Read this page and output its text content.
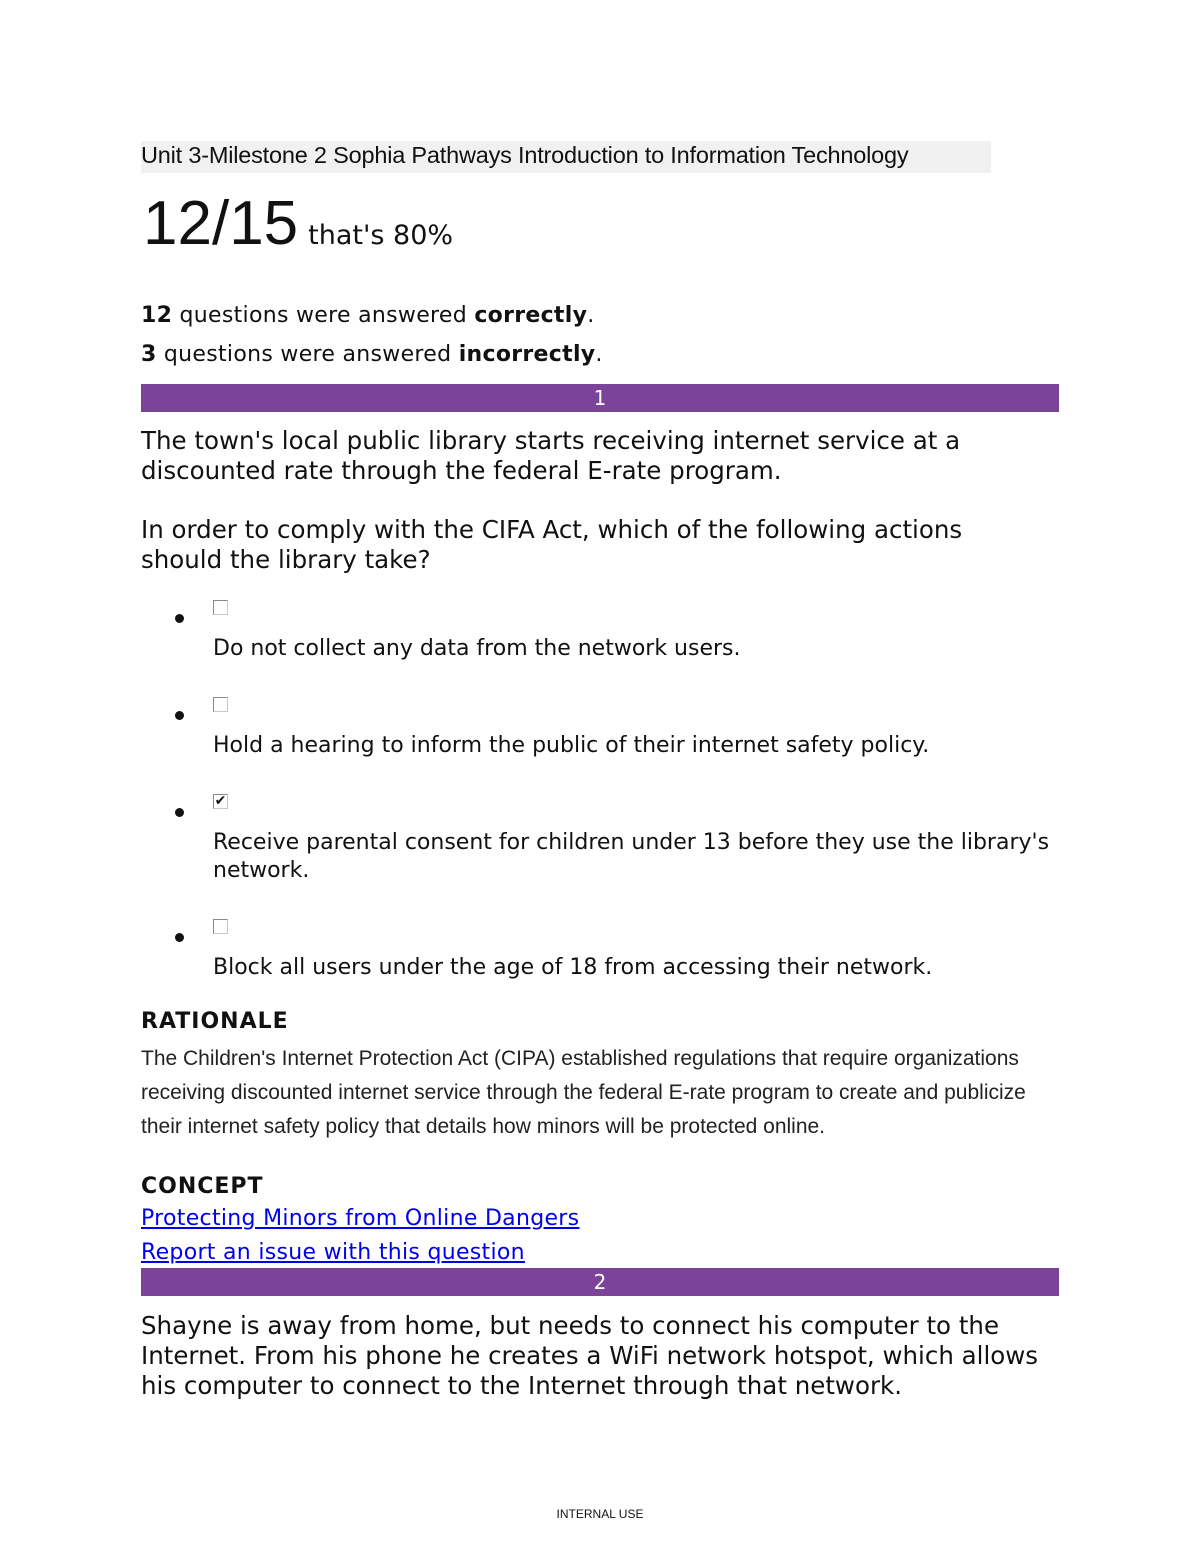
Unit 3-Milestone 2 Sophia Pathways Introduction to Information Technology
12/15 that's 80%
12 questions were answered correctly.
3 questions were answered incorrectly.
1
The town's local public library starts receiving internet service at a discounted rate through the federal E-rate program.
In order to comply with the CIFA Act, which of the following actions should the library take?
Do not collect any data from the network users.
Hold a hearing to inform the public of their internet safety policy.
✔
Receive parental consent for children under 13 before they use the library's network.
Block all users under the age of 18 from accessing their network.
RATIONALE
The Children's Internet Protection Act (CIPA) established regulations that require organizations receiving discounted internet service through the federal E-rate program to create and publicize their internet safety policy that details how minors will be protected online.
CONCEPT
Protecting Minors from Online Dangers
Report an issue with this question
2
Shayne is away from home, but needs to connect his computer to the Internet. From his phone he creates a WiFi network hotspot, which allows his computer to connect to the Internet through that network.
INTERNAL USE
